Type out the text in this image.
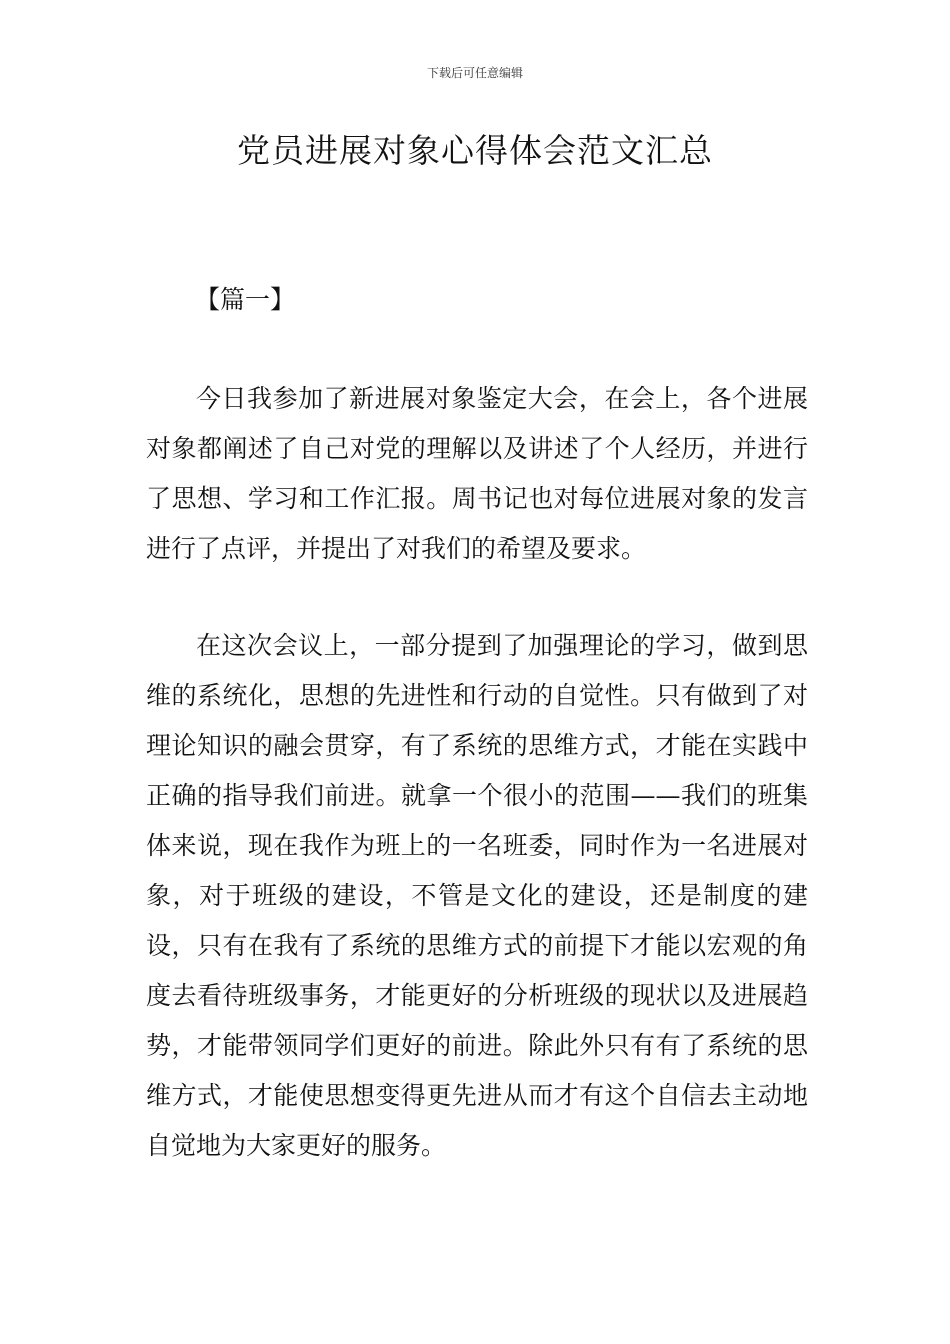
下载后可任意编辑
党员进展对象心得体会范文汇总
【篇一】

今日我参加了新进展对象鉴定大会，在会上，各个进展对象都阐述了自己对党的理解以及讲述了个人经历，并进行了思想、学习和工作汇报。周书记也对每位进展对象的发言进行了点评，并提出了对我们的希望及要求。

在这次会议上，一部分提到了加强理论的学习，做到思维的系统化，思想的先进性和行动的自觉性。只有做到了对理论知识的融会贯穿，有了系统的思维方式，才能在实践中正确的指导我们前进。就拿一个很小的范围——我们的班集体来说，现在我作为班上的一名班委，同时作为一名进展对象，对于班级的建设，不管是文化的建设，还是制度的建设，只有在我有了系统的思维方式的前提下才能以宏观的角度去看待班级事务，才能更好的分析班级的现状以及进展趋势，才能带领同学们更好的前进。除此外只有有了系统的思维方式，才能使思想变得更先进从而才有这个自信去主动地自觉地为大家更好的服务。
